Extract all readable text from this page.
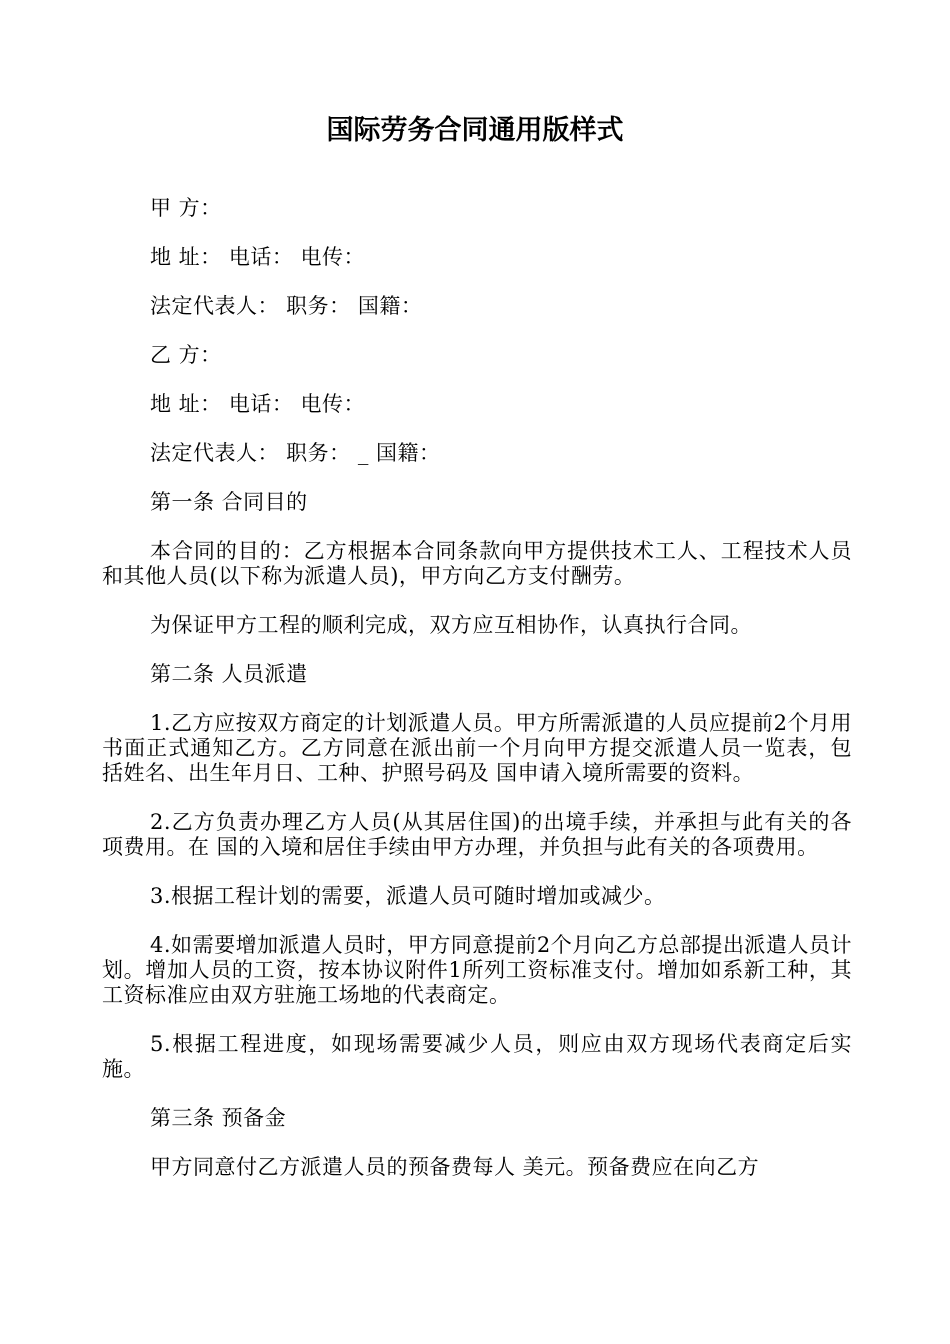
国际劳务合同通用版样式

甲 方：

地 址： 电话： 电传：

法定代表人： 职务： 国籍：

乙 方：

地 址： 电话： 电传：

法定代表人： 职务： _ 国籍：

第一条 合同目的

本合同的目的：乙方根据本合同条款向甲方提供技术工人、工程技术人员和其他人员(以下称为派遣人员)，甲方向乙方支付酬劳。

为保证甲方工程的顺利完成，双方应互相协作，认真执行合同。

第二条 人员派遣

1.乙方应按双方商定的计划派遣人员。甲方所需派遣的人员应提前2个月用书面正式通知乙方。乙方同意在派出前一个月向甲方提交派遣人员一览表，包括姓名、出生年月日、工种、护照号码及 国申请入境所需要的资料。

2.乙方负责办理乙方人员(从其居住国)的出境手续，并承担与此有关的各项费用。在 国的入境和居住手续由甲方办理，并负担与此有关的各项费用。

3.根据工程计划的需要，派遣人员可随时增加或减少。

4.如需要增加派遣人员时，甲方同意提前2个月向乙方总部提出派遣人员计划。增加人员的工资，按本协议附件1所列工资标准支付。增加如系新工种，其工资标准应由双方驻施工场地的代表商定。

5.根据工程进度，如现场需要减少人员，则应由双方现场代表商定后实施。

第三条 预备金

甲方同意付乙方派遣人员的预备费每人 美元。预备费应在向乙方
